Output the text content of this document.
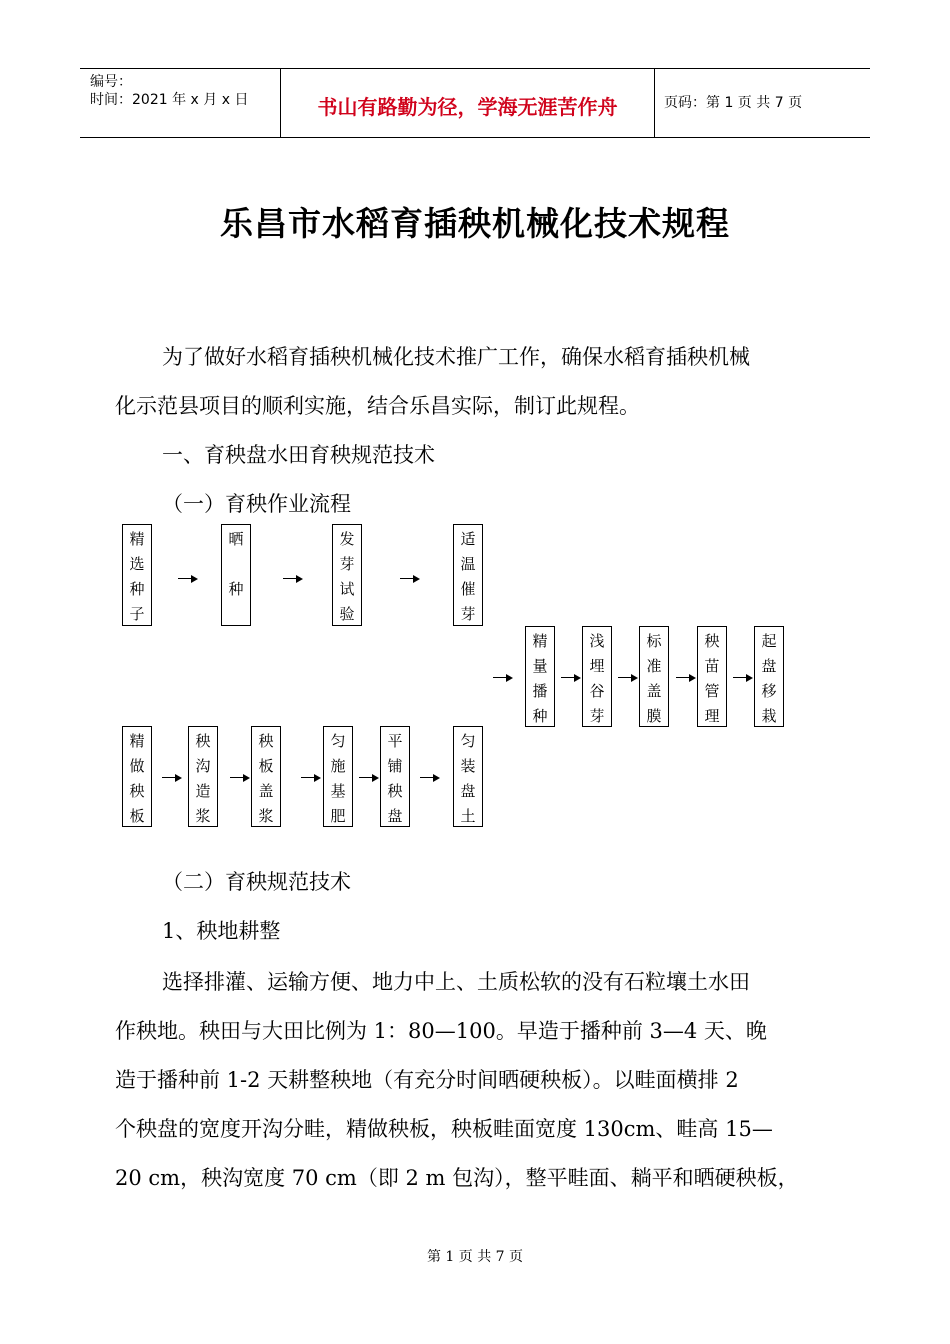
编号：
时间：2021 年 x 月 x 日	书山有路勤为径，学海无涯苦作舟	页码：第 1 页 共 7 页
乐昌市水稻育插秧机械化技术规程
为了做好水稻育插秧机械化技术推广工作，确保水稻育插秧机械
化示范县项目的顺利实施，结合乐昌实际，制订此规程。
一、育秧盘水田育秧规范技术
（一）育秧作业流程
精
选
种
子
晒

种
发
芽
试
验
适
温
催
芽
精
量
播
种
浅
埋
谷
芽
标
准
盖
膜
秧
苗
管
理
起
盘
移
栽
精
做
秧
板
秧
沟
造
浆
秧
板
盖
浆
匀
施
基
肥
平
铺
秧
盘
匀
装
盘
土
（二）育秧规范技术
1、秧地耕整
选择排灌、运输方便、地力中上、土质松软的没有石粒壤土水田
作秧地。秧田与大田比例为 1：80—100。早造于播种前 3—4 天、晚
造于播种前 1-2 天耕整秧地（有充分时间晒硬秧板）。以畦面横排 2
个秧盘的宽度开沟分畦，精做秧板，秧板畦面宽度 130cm、畦高 15—
20 cm，秧沟宽度 70 cm（即 2 m 包沟），整平畦面、耥平和晒硬秧板，
第 1 页 共 7 页
